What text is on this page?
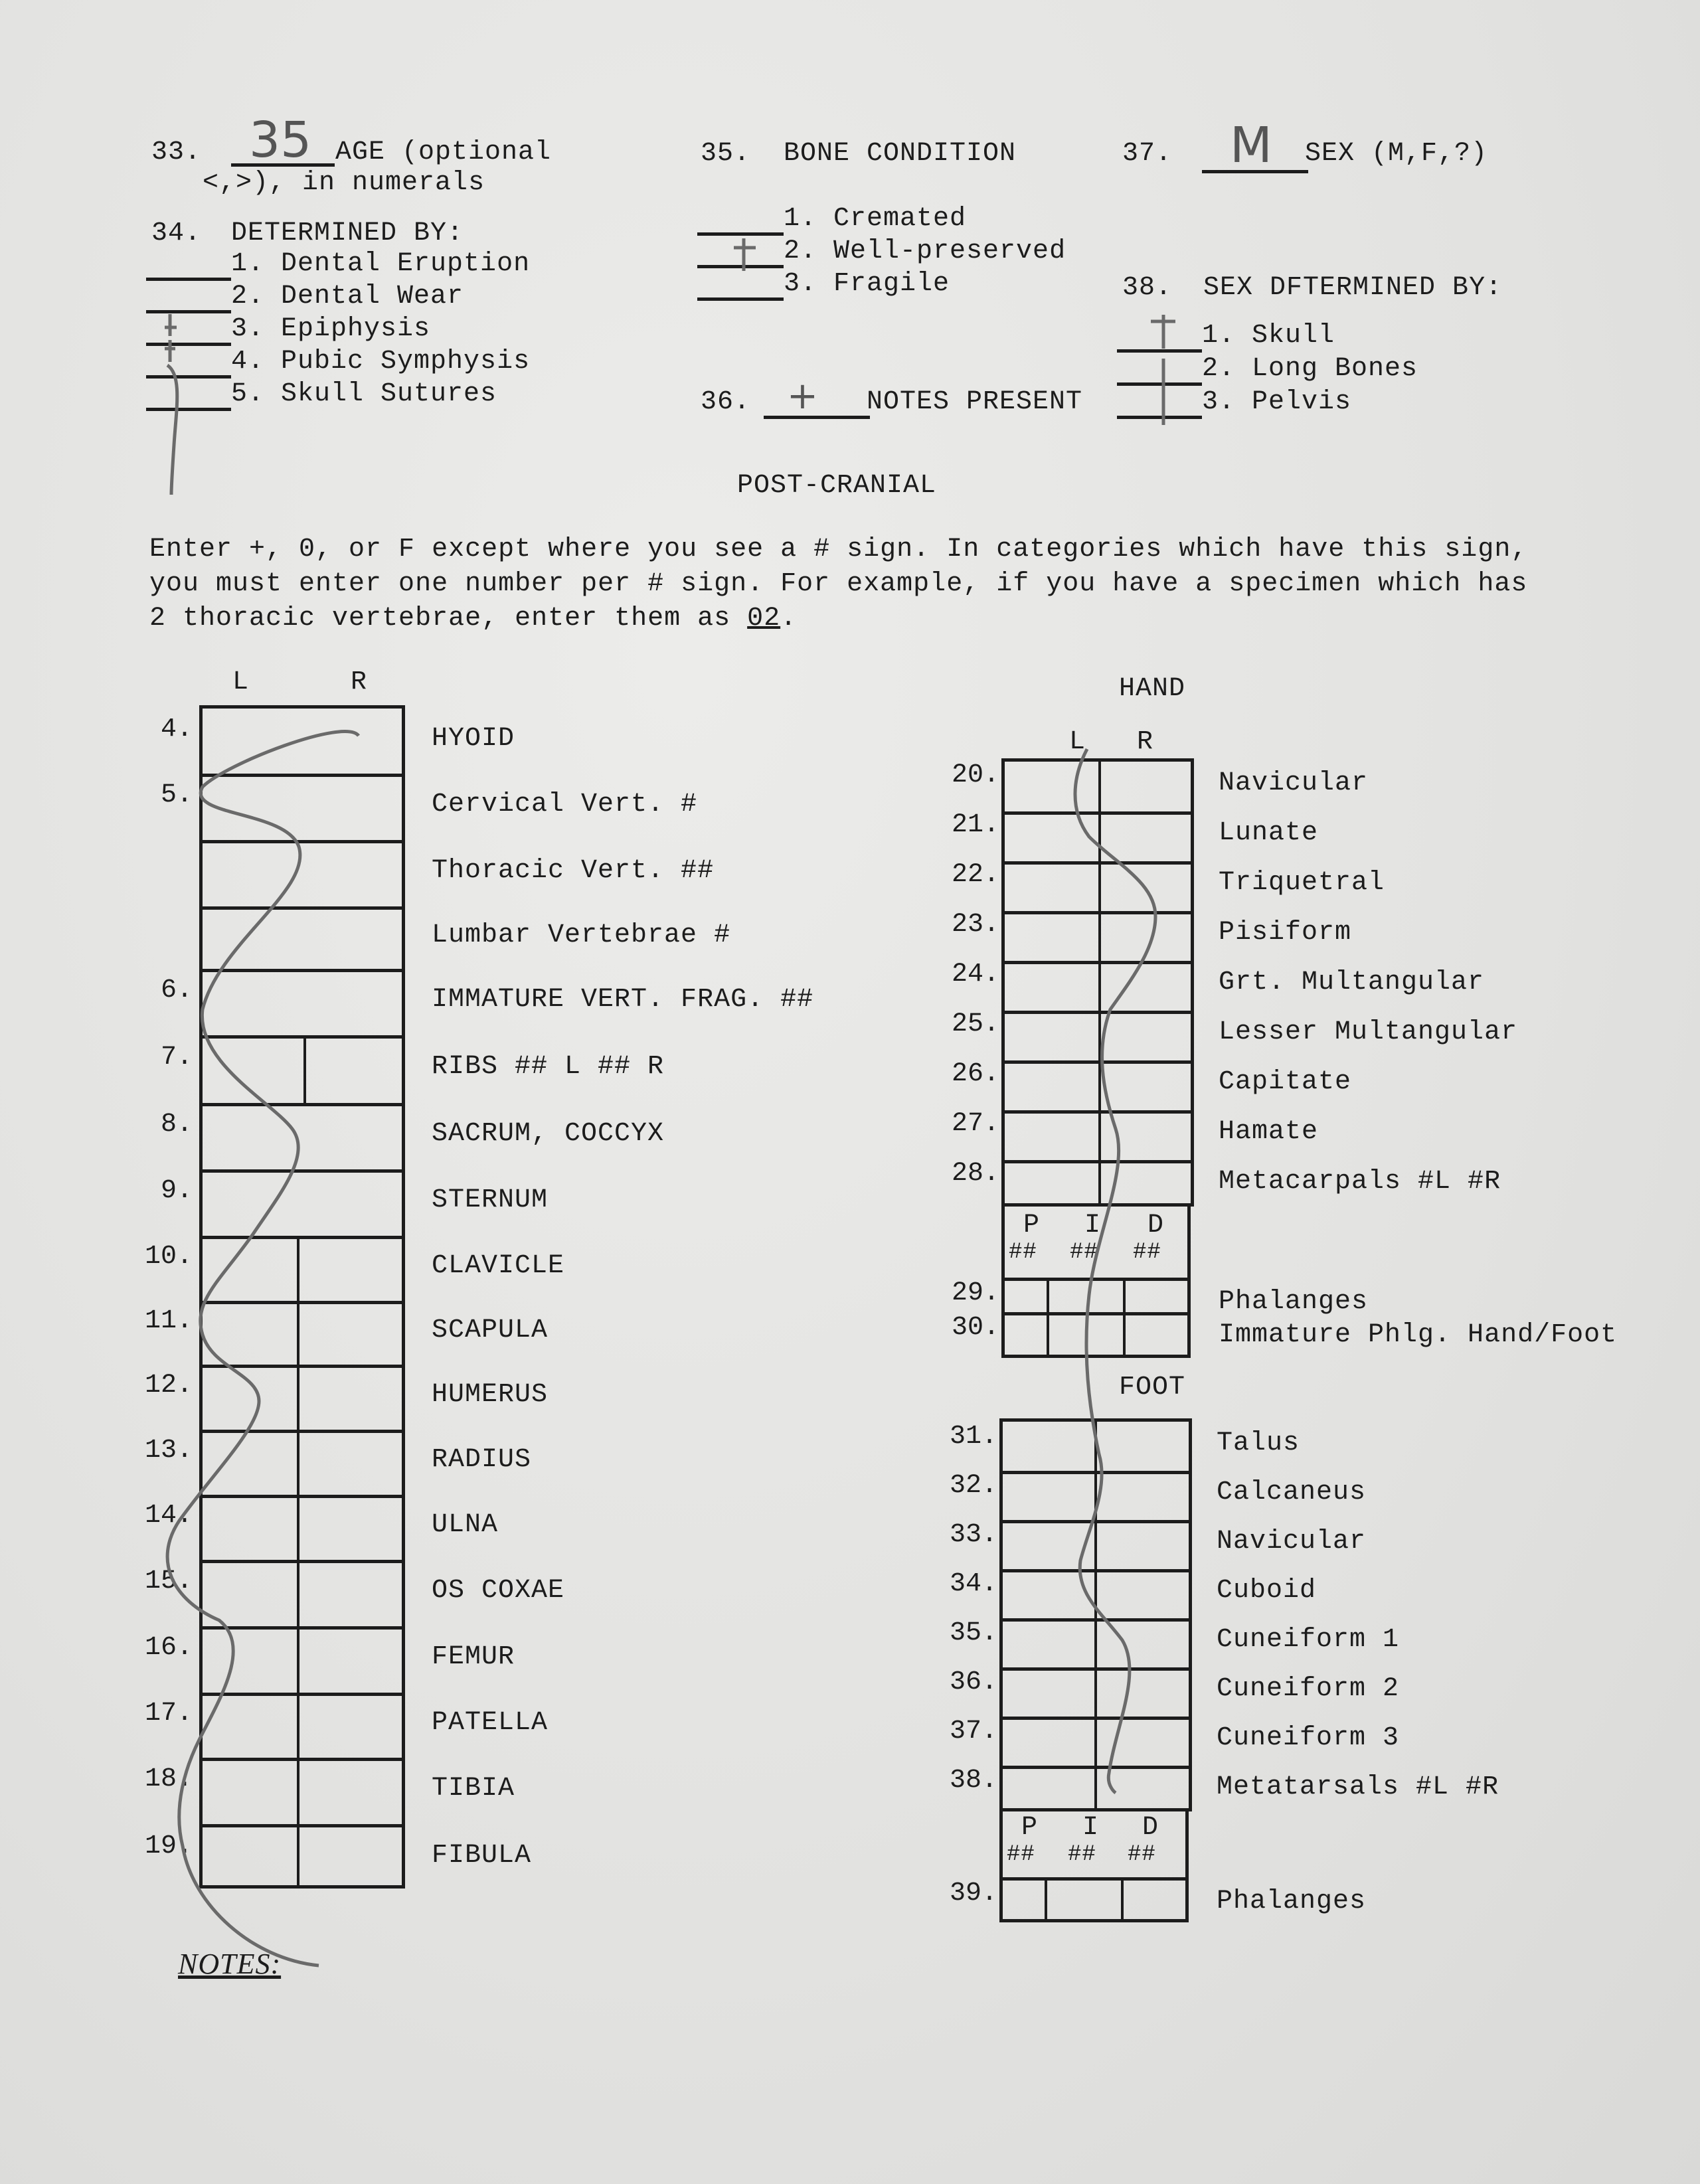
33. 35 AGE (optional
<,>), in numerals
34. DETERMINED BY:
1. Dental Eruption
2. Dental Wear
3. Epiphysis
4. Pubic Symphysis
5. Skull Sutures
35. BONE CONDITION
1. Cremated
2. Well-preserved
3. Fragile
36. + NOTES PRESENT
37. M SEX (M,F,?)
38. SEX DFTERMINED BY:
1. Skull
2. Long Bones
3. Pelvis
POST-CRANIAL
Enter +, 0, or F except where you see a # sign. In categories which have this sign,
you must enter one number per # sign. For example, if you have a specimen which has
2 thoracic vertebrae, enter them as 02.
L	R
4.	HYOID
5.	Cervical Vert. #
Thoracic Vert. ##
Lumbar Vertebrae #
6.	IMMATURE VERT. FRAG. ##
7.	RIBS ## L ## R
8.	SACRUM, COCCYX
9.	STERNUM
10.	CLAVICLE
11.	SCAPULA
12.	HUMERUS
13.	RADIUS
14.	ULNA
15.	OS COXAE
16.	FEMUR
17.	PATELLA
18.	TIBIA
19.	FIBULA
HAND
L R
20.	Navicular
21.	Lunate
22.	Triquetral
23.	Pisiform
24.	Grt. Multangular
25.	Lesser Multangular
26.	Capitate
27.	Hamate
28.	Metacarpals #L #R
P
##
I
##
D
##
29.	Phalanges
30.	Immature Phlg. Hand/Foot
FOOT
31.	Talus
32.	Calcaneus
33.	Navicular
34.	Cuboid
35.	Cuneiform 1
36.	Cuneiform 2
37.	Cuneiform 3
38.	Metatarsals #L #R
P
##
I
##
D
##
39.	Phalanges
NOTES:
